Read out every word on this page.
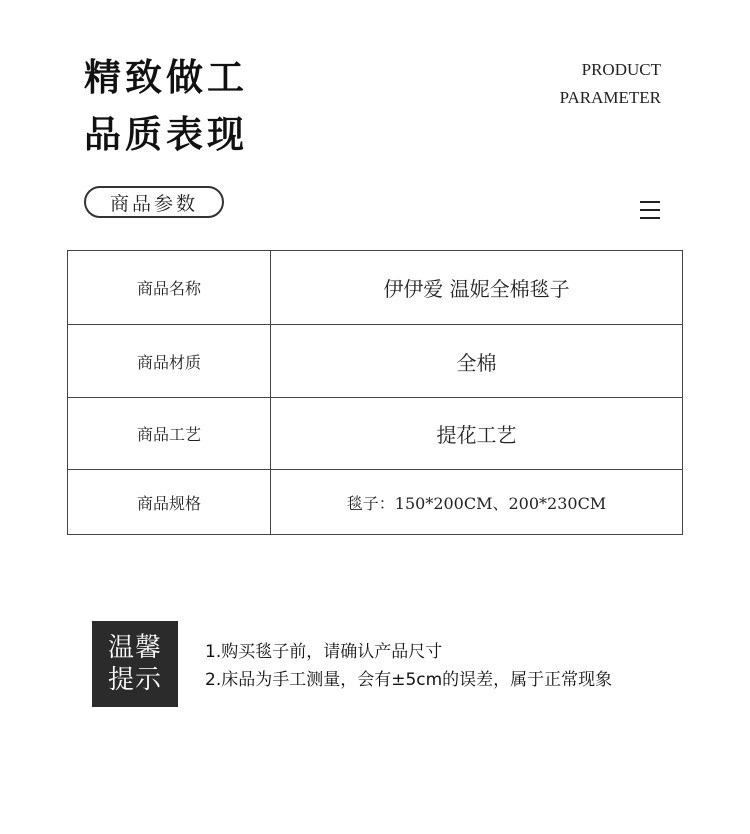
精致做工
品质表现
PRODUCT
PARAMETER
商品参数
商品名称	伊伊爱 温妮全棉毯子
商品材质	全棉
商品工艺	提花工艺
商品规格	毯子：150*200CM、200*230CM
温馨
提示
1.购买毯子前，请确认产品尺寸
2.床品为手工测量，会有±5cm的误差，属于正常现象
